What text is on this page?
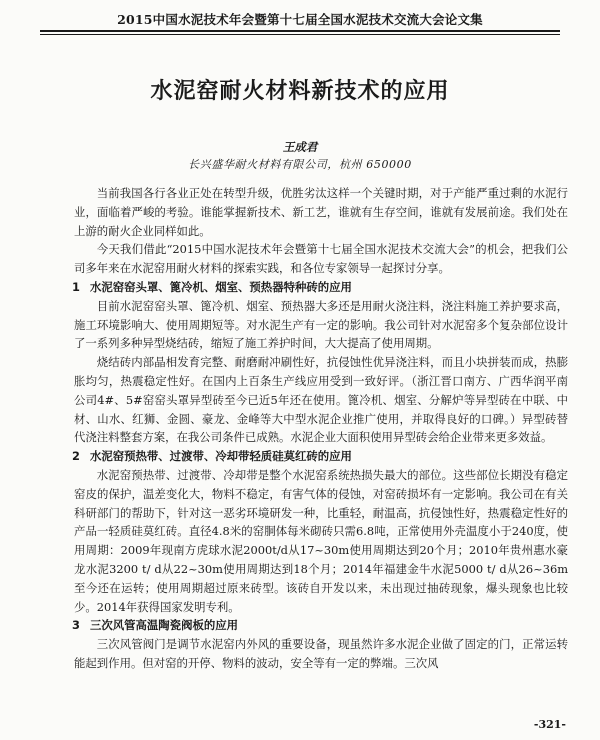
2015中国水泥技术年会暨第十七届全国水泥技术交流大会论文集
水泥窑耐火材料新技术的应用
王成君
长兴盛华耐火材料有限公司，杭州 650000

当前我国各行各业正处在转型升级，优胜劣汰这样一个关键时期，对于产能严重过剩的水泥行业，面临着严峻的考验。谁能掌握新技术、新工艺，谁就有生存空间，谁就有发展前途。我们处在上游的耐火企业同样如此。

今天我们借此“2015中国水泥技术年会暨第十七届全国水泥技术交流大会”的机会，把我们公司多年来在水泥窑用耐火材料的探索实践，和各位专家领导一起探讨分享。

1 水泥窑窑头罩、篦冷机、烟室、预热器特种砖的应用

目前水泥窑窑头罩、篦冷机、烟室、预热器大多还是用耐火浇注料，浇注料施工养护要求高，施工环境影响大、使用周期短等。对水泥生产有一定的影响。我公司针对水泥窑多个复杂部位设计了一系列多种异型烧结砖，缩短了施工养护时间，大大提高了使用周期。

烧结砖内部晶相发育完整、耐磨耐冲刷性好，抗侵蚀性优异浇注料，而且小块拼装而成，热膨胀均匀，热震稳定性好。在国内上百条生产线应用受到一致好评。（浙江晋口南方、广西华润平南公司4#、5#窑窑头罩异型砖至今已近5年还在使用。篦冷机、烟室、分解炉等异型砖在中联、中材、山水、红狮、金圆、豪龙、金峰等大中型水泥企业推广使用，并取得良好的口碑。）异型砖替代浇注料整套方案，在我公司条件已成熟。水泥企业大面积使用异型砖会给企业带来更多效益。

2 水泥窑预热带、过渡带、冷却带轻质硅莫红砖的应用

水泥窑预热带、过渡带、冷却带是整个水泥窑系统热损失最大的部位。这些部位长期没有稳定窑皮的保护，温差变化大，物料不稳定，有害气体的侵蚀，对窑砖损坏有一定影响。我公司在有关科研部门的帮助下，针对这一恶劣环境研发一种，比重轻，耐温高，抗侵蚀性好，热震稳定性好的产品一轻质硅莫红砖。直径4.8米的窑胴体每米砌砖只需6.8吨，正常使用外壳温度小于240度，使用周期：2009年现南方虎球水泥2000t/d从17~30m使用周期达到20个月；2010年贵州惠水豪龙水泥3200 t/ d从22~30m使用周期达到18个月；2014年福建金牛水泥5000 t/ d从26~36m至今还在运转；使用周期超过原来砖型。该砖自开发以来，未出现过抽砖现象，爆头现象也比较少。2014年获得国家发明专利。

3 三次风管高温陶瓷阀板的应用

三次风管阀门是调节水泥窑内外风的重要设备，现虽然许多水泥企业做了固定的门，正常运转能起到作用。但对窑的开停、物料的波动，安全等有一定的弊端。三次风

-321-
